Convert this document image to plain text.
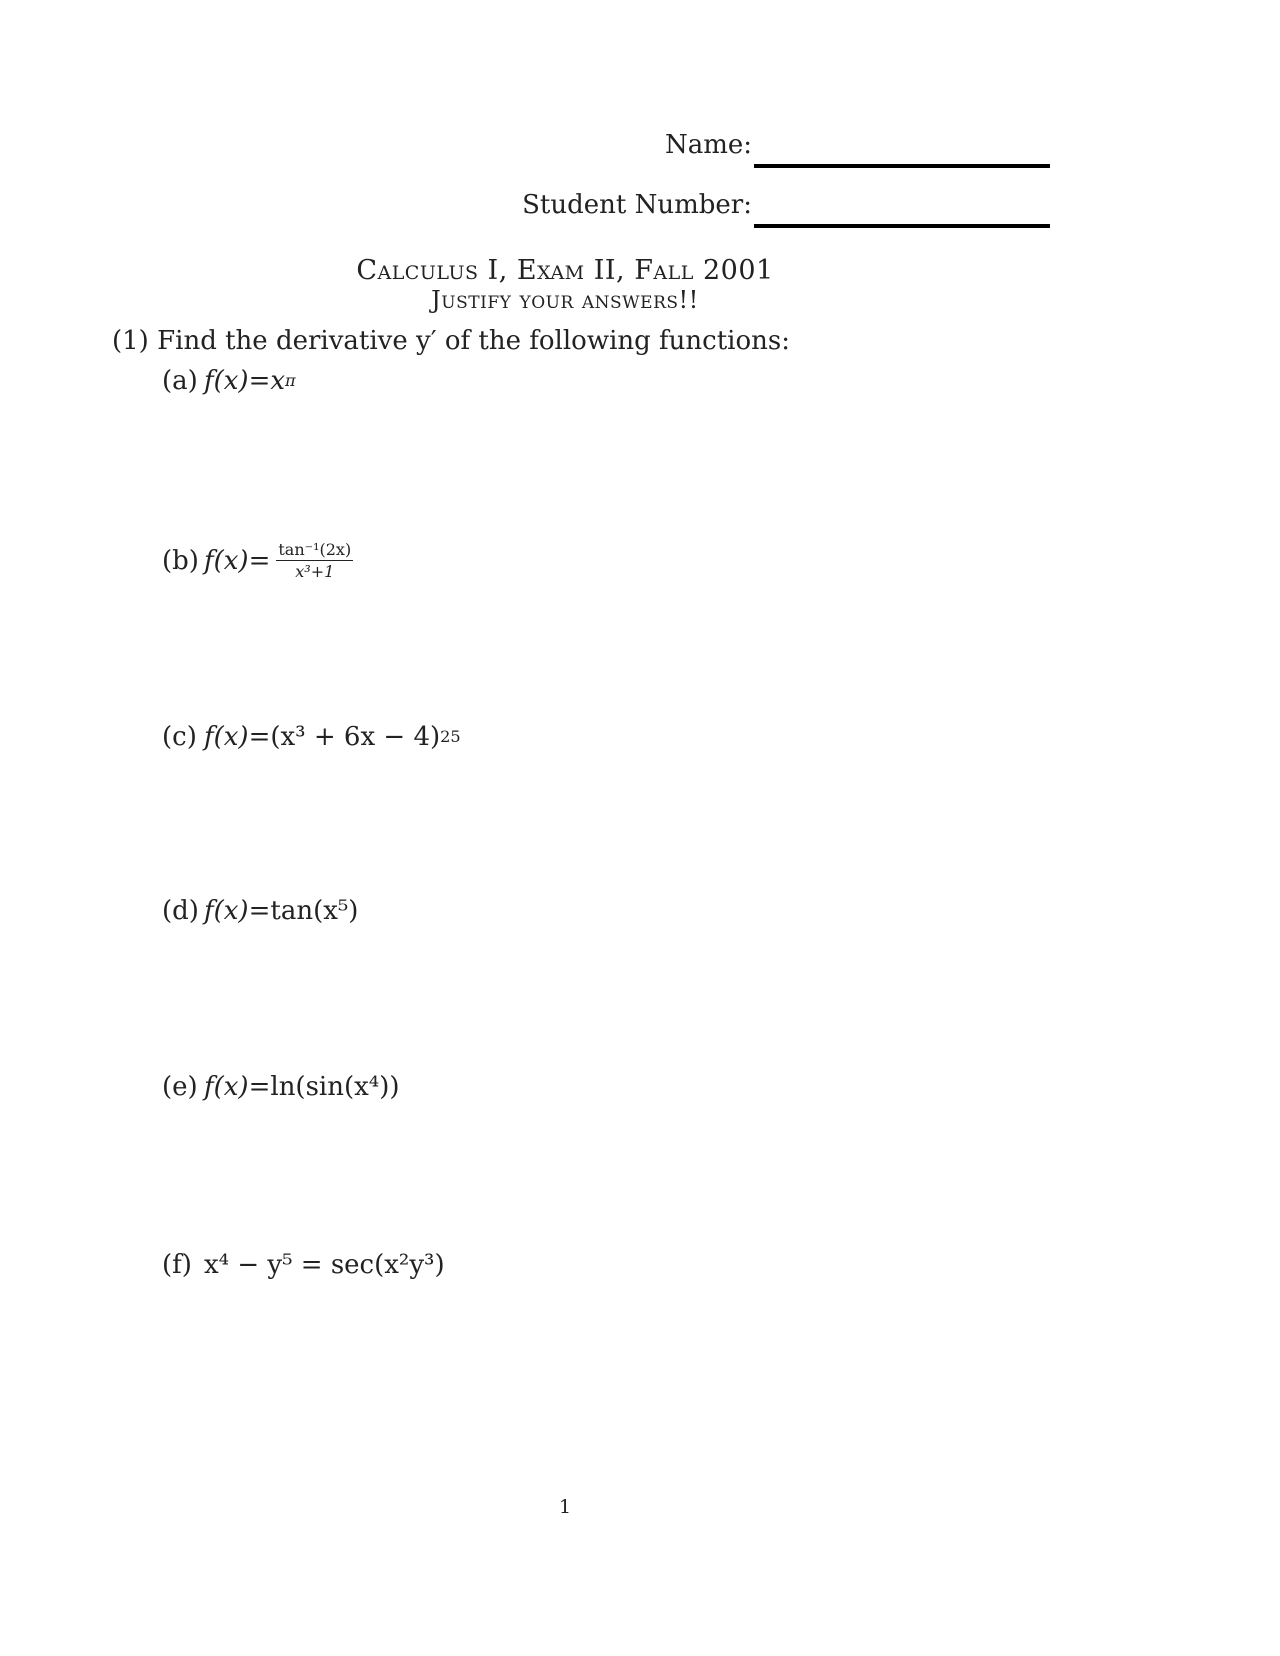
Name:
Student Number:
Calculus I, Exam II, Fall 2001
Justify your answers!!
(1) Find the derivative y′ of the following functions:
(a) f(x) = x π
(b) $f(x) = \frac{\text{tan⁻¹(2x)}}{\text{x³+1}}$
(c) f(x) = (x³ + 6x − 4) 25
(d) f(x) = tan(x⁵)
(e) f(x) = ln(sin(x⁴))
(f) x⁴ − y⁵ = sec(x²y³)
1
